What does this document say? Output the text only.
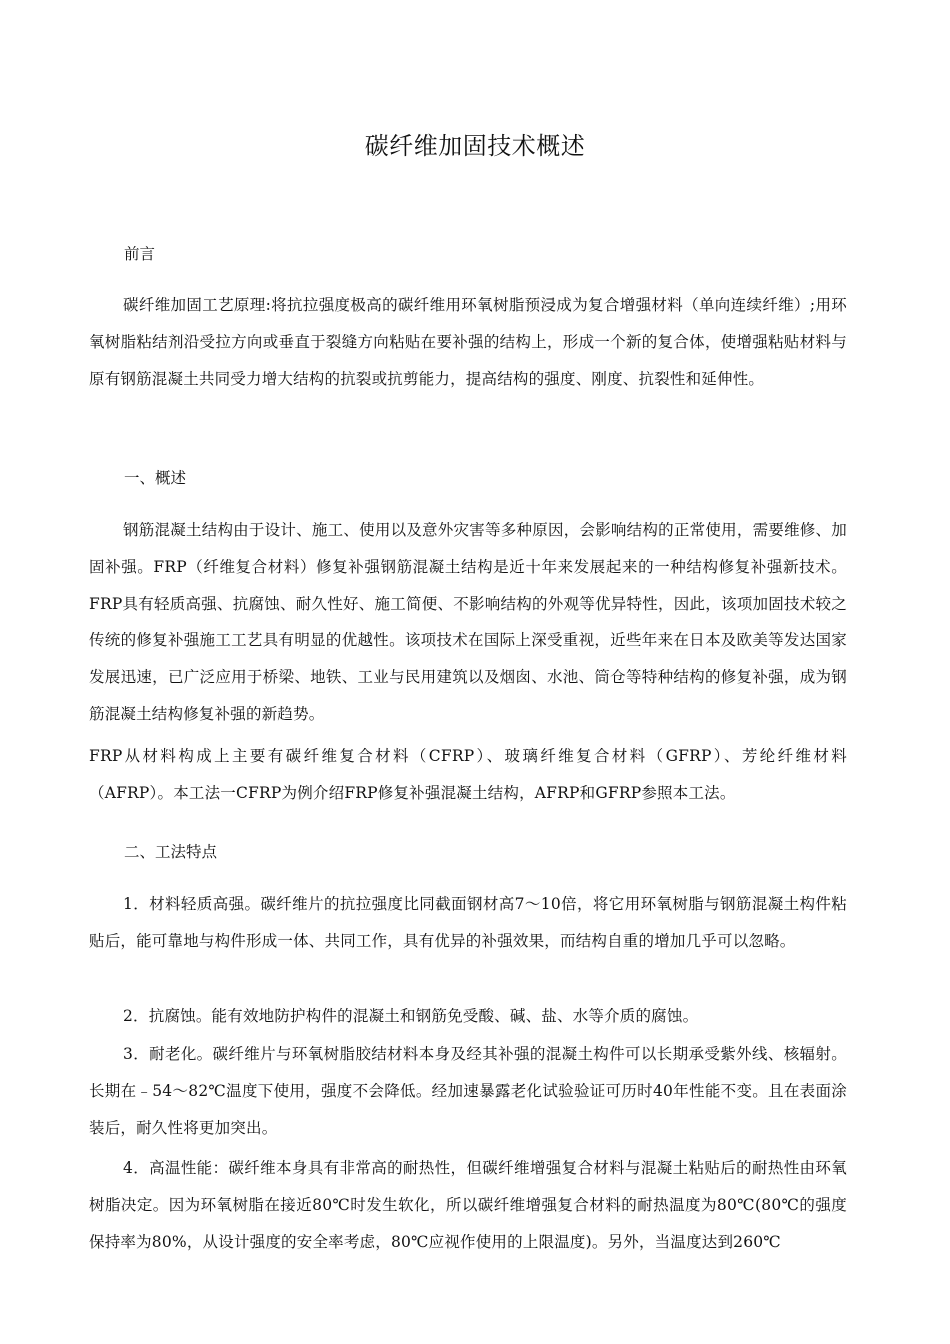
碳纤维加固技术概述
前言
碳纤维加固工艺原理:将抗拉强度极高的碳纤维用环氧树脂预浸成为复合增强材料（单向连续纤维）;用环氧树脂粘结剂沿受拉方向或垂直于裂缝方向粘贴在要补强的结构上，形成一个新的复合体，使增强粘贴材料与原有钢筋混凝土共同受力增大结构的抗裂或抗剪能力，提高结构的强度、刚度、抗裂性和延伸性。
一、概述
钢筋混凝土结构由于设计、施工、使用以及意外灾害等多种原因，会影响结构的正常使用，需要维修、加固补强。FRP（纤维复合材料）修复补强钢筋混凝土结构是近十年来发展起来的一种结构修复补强新技术。FRP具有轻质高强、抗腐蚀、耐久性好、施工简便、不影响结构的外观等优异特性，因此，该项加固技术较之传统的修复补强施工工艺具有明显的优越性。该项技术在国际上深受重视，近些年来在日本及欧美等发达国家发展迅速，已广泛应用于桥梁、地铁、工业与民用建筑以及烟囱、水池、筒仓等特种结构的修复补强，成为钢筋混凝土结构修复补强的新趋势。
FRP从材料构成上主要有碳纤维复合材料（CFRP）、玻璃纤维复合材料（GFRP）、芳纶纤维材料（AFRP）。本工法一CFRP为例介绍FRP修复补强混凝土结构，AFRP和GFRP参照本工法。
二、工法特点
1．材料轻质高强。碳纤维片的抗拉强度比同截面钢材高7～10倍，将它用环氧树脂与钢筋混凝土构件粘贴后，能可靠地与构件形成一体、共同工作，具有优异的补强效果，而结构自重的增加几乎可以忽略。
2．抗腐蚀。能有效地防护构件的混凝土和钢筋免受酸、碱、盐、水等介质的腐蚀。
3．耐老化。碳纤维片与环氧树脂胶结材料本身及经其补强的混凝土构件可以长期承受紫外线、核辐射。长期在﹣54～82℃温度下使用，强度不会降低。经加速暴露老化试验验证可历时40年性能不变。且在表面涂装后，耐久性将更加突出。
4．高温性能：碳纤维本身具有非常高的耐热性，但碳纤维增强复合材料与混凝土粘贴后的耐热性由环氧树脂决定。因为环氧树脂在接近80℃时发生软化，所以碳纤维增强复合材料的耐热温度为80℃(80℃的强度保持率为80%，从设计强度的安全率考虑，80℃应视作使用的上限温度)。另外，当温度达到260℃
